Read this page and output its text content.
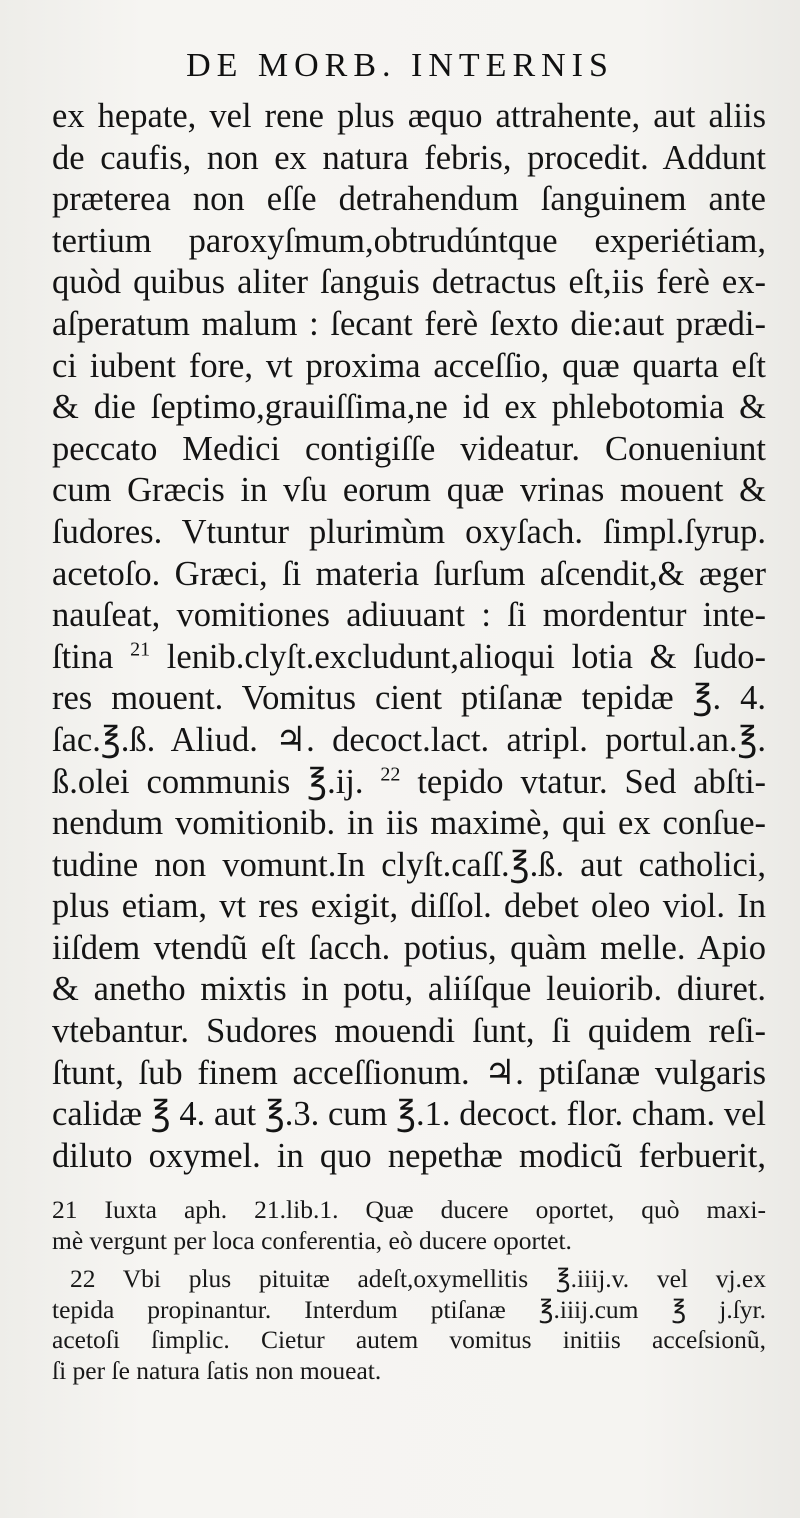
DE MORB. INTERNIS
ex hepate, vel rene plus æquo attrahente, aut aliis
de caufis, non ex natura febris, procedit. Addunt
præterea non eſſe detrahendum ſanguinem ante
tertium paroxyſmum,obtrudúntque experiétiam,
quòd quibus aliter ſanguis detractus eſt,iis ferè ex-
aſperatum malum : ſecant ferè ſexto die:aut prædi-
ci iubent fore, vt proxima acceſſio, quæ quarta eſt
& die ſeptimo,grauiſſima,ne id ex phlebotomia &
peccato Medici contigiſſe videatur. Conueniunt
cum Græcis in vſu eorum quæ vrinas mouent &
ſudores. Vtuntur plurimùm oxyſach. ſimpl.ſyrup.
acetoſo. Græci, ſi materia ſurſum aſcendit,& æger
nauſeat, vomitiones adiuuant : ſi mordentur inte-
ſtina $^{21}$ lenib.clyſt.excludunt,alioqui lotia & ſudo-
res mouent. Vomitus cient ptiſanæ tepidæ ℥. 4.
ſac.℥.ß. Aliud. ♃. decoct.lact. atripl. portul.an.℥.
ß.olei communis ℥.ij. $^{22}$ tepido vtatur. Sed abſti-
nendum vomitionib. in iis maximè, qui ex conſue-
tudine non vomunt.In clyſt.caſſ.℥.ß. aut catholici,
plus etiam, vt res exigit, diſſol. debet oleo viol. In
iiſdem vtendũ eſt ſacch. potius, quàm melle. Apio
& anetho mixtis in potu, aliíſque leuiorib. diuret.
vtebantur. Sudores mouendi ſunt, ſi quidem reſi-
ſtunt, ſub finem acceſſionum. ♃. ptiſanæ vulgaris
calidæ ℥ 4. aut ℥.3. cum ℥.1. decoct. flor. cham. vel
diluto oxymel. in quo nepethæ modicũ ferbuerit,
21 Iuxta aph. 21.lib.1. Quæ ducere oportet, quò maxi-
mè vergunt per loca conferentia, eò ducere oportet.
22 Vbi plus pituitæ adeſt,oxymellitis ℥.iiij.v. vel vj.ex
tepida propinantur. Interdum ptiſanæ ℥.iiij.cum ℥ j.ſyr.
acetoſi ſimplic. Cietur autem vomitus initiis acceſsionũ,
ſi per ſe natura ſatis non moueat.
